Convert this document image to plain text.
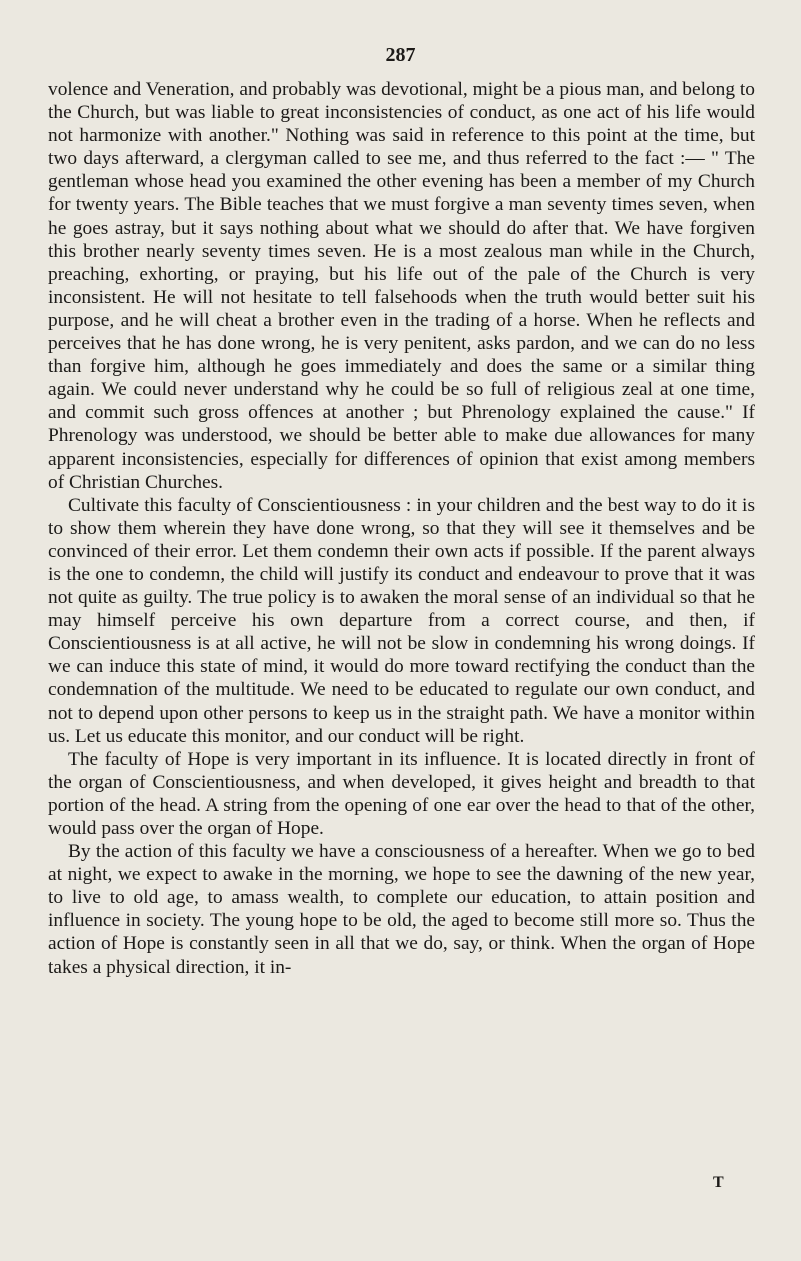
287

volence and Veneration, and probably was devotional, might be a pious man, and belong to the Church, but was liable to great inconsistencies of conduct, as one act of his life would not harmonize with another." Nothing was said in reference to this point at the time, but two days afterward, a clergyman called to see me, and thus referred to the fact :— " The gentleman whose head you examined the other evening has been a member of my Church for twenty years. The Bible teaches that we must forgive a man seventy times seven, when he goes astray, but it says nothing about what we should do after that. We have forgiven this brother nearly seventy times seven. He is a most zealous man while in the Church, preaching, exhorting, or praying, but his life out of the pale of the Church is very inconsistent. He will not hesitate to tell falsehoods when the truth would better suit his purpose, and he will cheat a brother even in the trading of a horse. When he reflects and perceives that he has done wrong, he is very penitent, asks pardon, and we can do no less than forgive him, although he goes immediately and does the same or a similar thing again. We could never understand why he could be so full of religious zeal at one time, and commit such gross offences at another ; but Phrenology explained the cause." If Phrenology was understood, we should be better able to make due allowances for many apparent inconsistencies, especially for differences of opinion that exist among members of Christian Churches.

Cultivate this faculty of Conscientiousness : in your children and the best way to do it is to show them wherein they have done wrong, so that they will see it themselves and be convinced of their error. Let them condemn their own acts if possible. If the parent always is the one to condemn, the child will justify its conduct and endeavour to prove that it was not quite as guilty. The true policy is to awaken the moral sense of an individual so that he may himself perceive his own departure from a correct course, and then, if Conscientiousness is at all active, he will not be slow in condemning his wrong doings. If we can induce this state of mind, it would do more toward rectifying the conduct than the condemnation of the multitude. We need to be educated to regulate our own conduct, and not to depend upon other persons to keep us in the straight path. We have a monitor within us. Let us educate this monitor, and our conduct will be right.

The faculty of Hope is very important in its influence. It is located directly in front of the organ of Conscientiousness, and when developed, it gives height and breadth to that portion of the head. A string from the opening of one ear over the head to that of the other, would pass over the organ of Hope.

By the action of this faculty we have a consciousness of a hereafter. When we go to bed at night, we expect to awake in the morning, we hope to see the dawning of the new year, to live to old age, to amass wealth, to complete our education, to attain position and influence in society. The young hope to be old, the aged to become still more so. Thus the action of Hope is constantly seen in all that we do, say, or think. When the organ of Hope takes a physical direction, it in-

T
